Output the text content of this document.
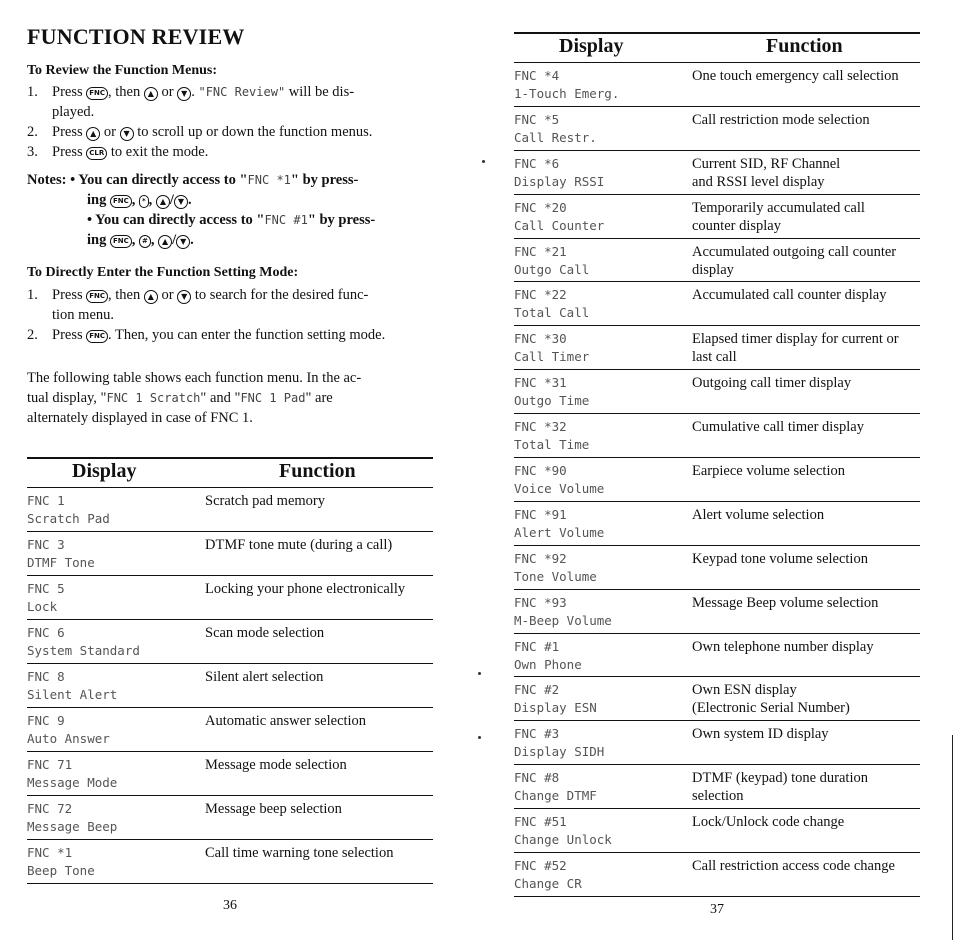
FUNCTION REVIEW
To Review the Function Menus:
1. Press FNC , then ▲ or ▼ . "FNC Review" will be dis-
played.
2. Press ▲ or ▼ to scroll up or down the function menus.
3. Press CLR to exit the mode.
Notes: • You can directly access to "FNC *1" by press-
ing FNC , * , ▲ / ▼ .
• You can directly access to "FNC #1" by press-
ing FNC , # , ▲ / ▼ .
To Directly Enter the Function Setting Mode:
1. Press FNC , then ▲ or ▼ to search for the desired func-
tion menu.
2. Press FNC . Then, you can enter the function setting mode.
The following table shows each function menu. In the ac-
tual display, "FNC 1 Scratch" and "FNC 1 Pad" are
alternately displayed in case of FNC 1.
Display	Function
FNC 1
Scratch Pad
Scratch pad memory
FNC 3
DTMF Tone
DTMF tone mute (during a call)
FNC 5
Lock
Locking your phone electronically
FNC 6
System Standard
Scan mode selection
FNC 8
Silent Alert
Silent alert selection
FNC 9
Auto Answer
Automatic answer selection
FNC 71
Message Mode
Message mode selection
FNC 72
Message Beep
Message beep selection
FNC *1
Beep Tone
Call time warning tone selection
36
Display	Function
FNC *4
1-Touch Emerg.
One touch emergency call selection
FNC *5
Call Restr.
Call restriction mode selection
FNC *6
Display RSSI
Current SID, RF Channel
and RSSI level display
FNC *20
Call Counter
Temporarily accumulated call
counter display
FNC *21
Outgo Call
Accumulated outgoing call counter
display
FNC *22
Total Call
Accumulated call counter display
FNC *30
Call Timer
Elapsed timer display for current or
last call
FNC *31
Outgo Time
Outgoing call timer display
FNC *32
Total Time
Cumulative call timer display
FNC *90
Voice Volume
Earpiece volume selection
FNC *91
Alert Volume
Alert volume selection
FNC *92
Tone Volume
Keypad tone volume selection
FNC *93
M-Beep Volume
Message Beep volume selection
FNC #1
Own Phone
Own telephone number display
FNC #2
Display ESN
Own ESN display
(Electronic Serial Number)
FNC #3
Display SIDH
Own system ID display
FNC #8
Change DTMF
DTMF (keypad) tone duration
selection
FNC #51
Change Unlock
Lock/Unlock code change
FNC #52
Change CR
Call restriction access code change
37
